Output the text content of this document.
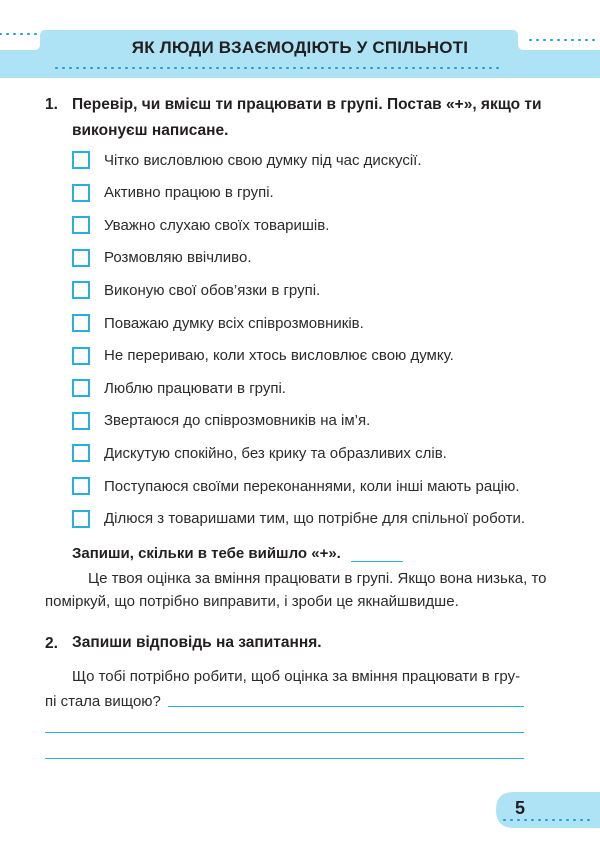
ЯК ЛЮДИ ВЗАЄМОДІЮТЬ У СПІЛЬНОТІ
1. Перевір, чи вмієш ти працювати в групі. Постав «+», якщо ти
виконуєш написане.
Чітко висловлюю свою думку під час дискусії.
Активно працюю в групі.
Уважно слухаю своїх товаришів.
Розмовляю ввічливо.
Виконую свої обов’язки в групі.
Поважаю думку всіх співрозмовників.
Не перериваю, коли хтось висловлює свою думку.
Люблю працювати в групі.
Звертаюся до співрозмовників на ім’я.
Дискутую спокійно, без крику та образливих слів.
Поступаюся своїми переконаннями, коли інші мають рацію.
Ділюся з товаришами тим, що потрібне для спільної роботи.
Запиши, скільки в тебе вийшло «+».
Це твоя оцінка за вміння працювати в групі. Якщо вона низька, то
поміркуй, що потрібно виправити, і зроби це якнайшвидше.
2. Запиши відповідь на запитання.
Що тобі потрібно робити, щоб оцінка за вміння працювати в гру-
пі стала вищою?
5
